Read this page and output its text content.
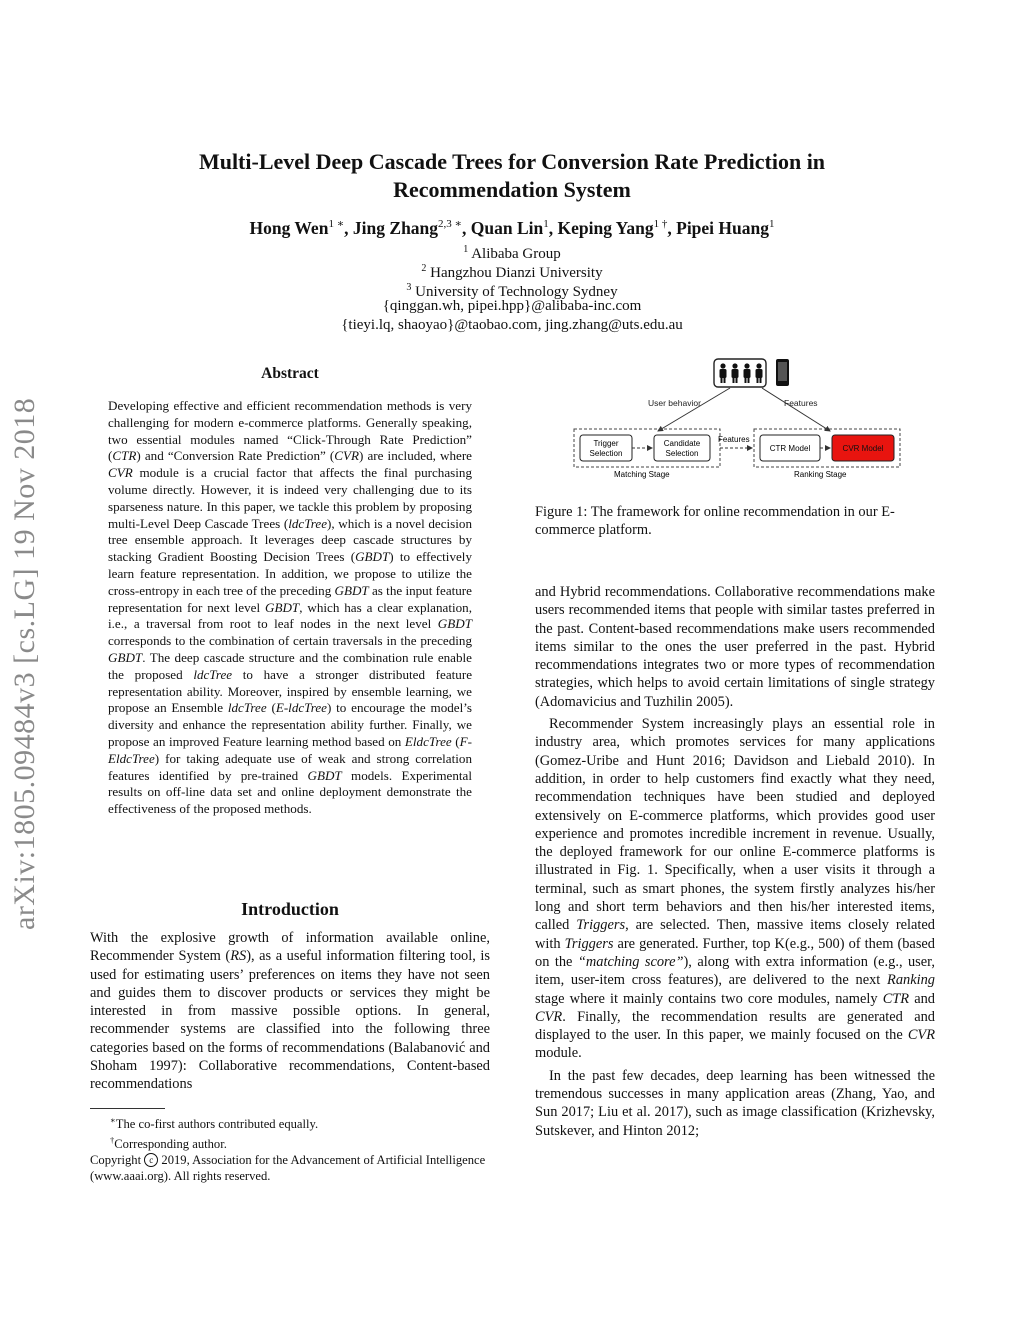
arXiv:1805.09484v3 [cs.LG] 19 Nov 2018
Multi-Level Deep Cascade Trees for Conversion Rate Prediction in
Recommendation System
Hong Wen$^{1 ∗}$, Jing Zhang$^{2,3 ∗}$, Quan Lin$^1$, Keping Yang$^{1 \dagger}$, Pipei Huang$^1$
$^1$ Alibaba Group
$^2$ Hangzhou Dianzi University
$^3$ University of Technology Sydney
{qinggan.wh, pipei.hpp}@alibaba-inc.com
{tieyi.lq, shaoyao}@taobao.com, jing.zhang@uts.edu.au
Abstract
Developing effective and efficient recommendation methods is very challenging for modern e-commerce platforms. Generally speaking, two essential modules named “Click-Through Rate Prediction” (CTR) and “Conversion Rate Prediction” (CVR) are included, where CVR module is a crucial factor that affects the final purchasing volume directly. However, it is indeed very challenging due to its sparseness nature. In this paper, we tackle this problem by proposing multi-Level Deep Cascade Trees (ldcTree), which is a novel decision tree ensemble approach. It leverages deep cascade structures by stacking Gradient Boosting Decision Trees (GBDT) to effectively learn feature representation. In addition, we propose to utilize the cross-entropy in each tree of the preceding GBDT as the input feature representation for next level GBDT, which has a clear explanation, i.e., a traversal from root to leaf nodes in the next level GBDT corresponds to the combination of certain traversals in the preceding GBDT. The deep cascade structure and the combination rule enable the proposed ldcTree to have a stronger distributed feature representation ability. Moreover, inspired by ensemble learning, we propose an Ensemble ldcTree (E-ldcTree) to encourage the model’s diversity and enhance the representation ability further. Finally, we propose an improved Feature learning method based on EldcTree (F-EldcTree) for taking adequate use of weak and strong correlation features identified by pre-trained GBDT models. Experimental results on off-line data set and online deployment demonstrate the effectiveness of the proposed methods.
Introduction

With the explosive growth of information available online, Recommender System (RS), as a useful information filtering tool, is used for estimating users’ preferences on items they have not seen and guides them to discover products or services they might be interested in from massive possible options. In general, recommender systems are classified into the following three categories based on the forms of recommendations (Balabanović and Shoham 1997): Collaborative recommendations, Content-based recommendations

∗The co-first authors contributed equally.
†Corresponding author.
Copyright c 2019, Association for the Advancement of Artificial Intelligence (www.aaai.org). All rights reserved.
User behavior	Features
Trigger
Selection
Candidate
Selection
Matching Stage
Features
CTR Model	CVR Model
Ranking Stage
Figure 1: The framework for online recommendation in our E-commerce platform.

and Hybrid recommendations. Collaborative recommendations make users recommended items that people with similar tastes preferred in the past. Content-based recommendations make users recommended items similar to the ones the user preferred in the past. Hybrid recommendations integrates two or more types of recommendation strategies, which helps to avoid certain limitations of single strategy (Adomavicius and Tuzhilin 2005).

Recommender System increasingly plays an essential role in industry area, which promotes services for many applications (Gomez-Uribe and Hunt 2016; Davidson and Liebald 2010). In addition, in order to help customers find exactly what they need, recommendation techniques have been studied and deployed extensively on E-commerce platforms, which provides good user experience and promotes incredible increment in revenue. Usually, the deployed framework for our online E-commerce platforms is illustrated in Fig. 1. Specifically, when a user visits it through a terminal, such as smart phones, the system firstly analyzes his/her long and short term behaviors and then his/her interested items, called Triggers, are selected. Then, massive items closely related with Triggers are generated. Further, top K(e.g., 500) of them (based on the “matching score”), along with extra information (e.g., user, item, user-item cross features), are delivered to the next Ranking stage where it mainly contains two core modules, namely CTR and CVR. Finally, the recommendation results are generated and displayed to the user. In this paper, we mainly focused on the CVR module.

In the past few decades, deep learning has been witnessed the tremendous successes in many application areas (Zhang, Yao, and Sun 2017; Liu et al. 2017), such as image classification (Krizhevsky, Sutskever, and Hinton 2012;
